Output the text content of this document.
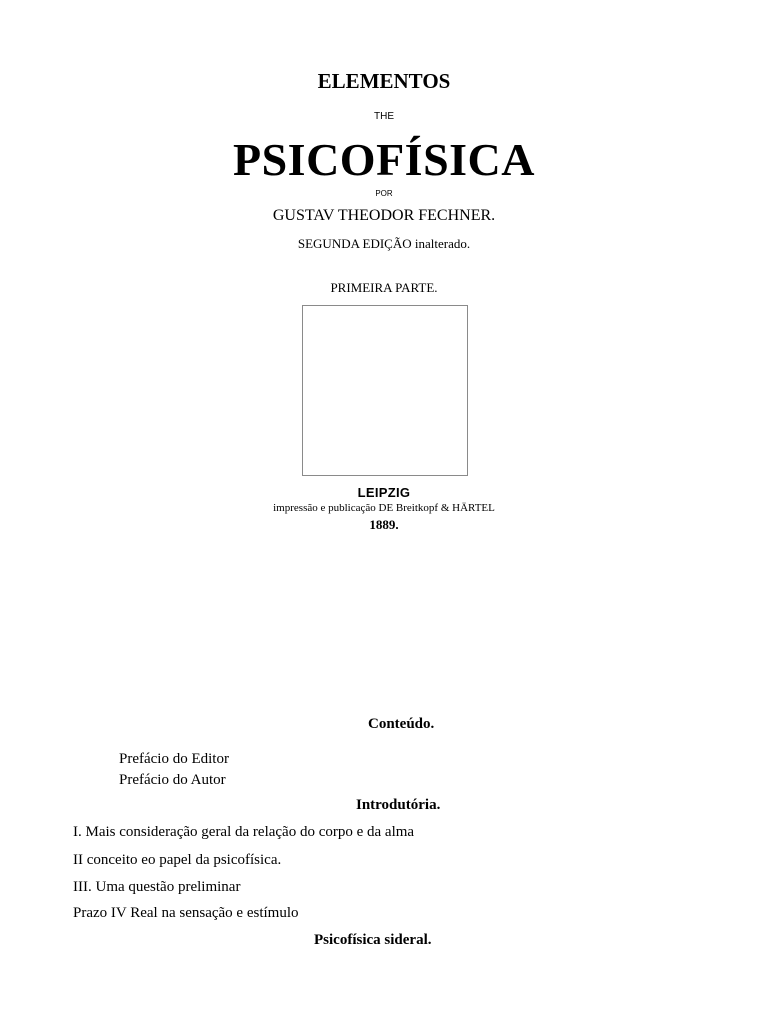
ELEMENTOS
THE
PSICOFÍSICA
POR
GUSTAV THEODOR FECHNER.
SEGUNDA EDIÇÃO inalterado.
PRIMEIRA PARTE.
LEIPZIG
impressão e publicação DE Breitkopf & HÄRTEL
1889.
Conteúdo.
Prefácio do Editor
Prefácio do Autor
Introdutória.
I. Mais consideração geral da relação do corpo e da alma
II conceito eo papel da psicofísica.
III. Uma questão preliminar
Prazo IV Real na sensação e estímulo
Psicofísica sideral.
